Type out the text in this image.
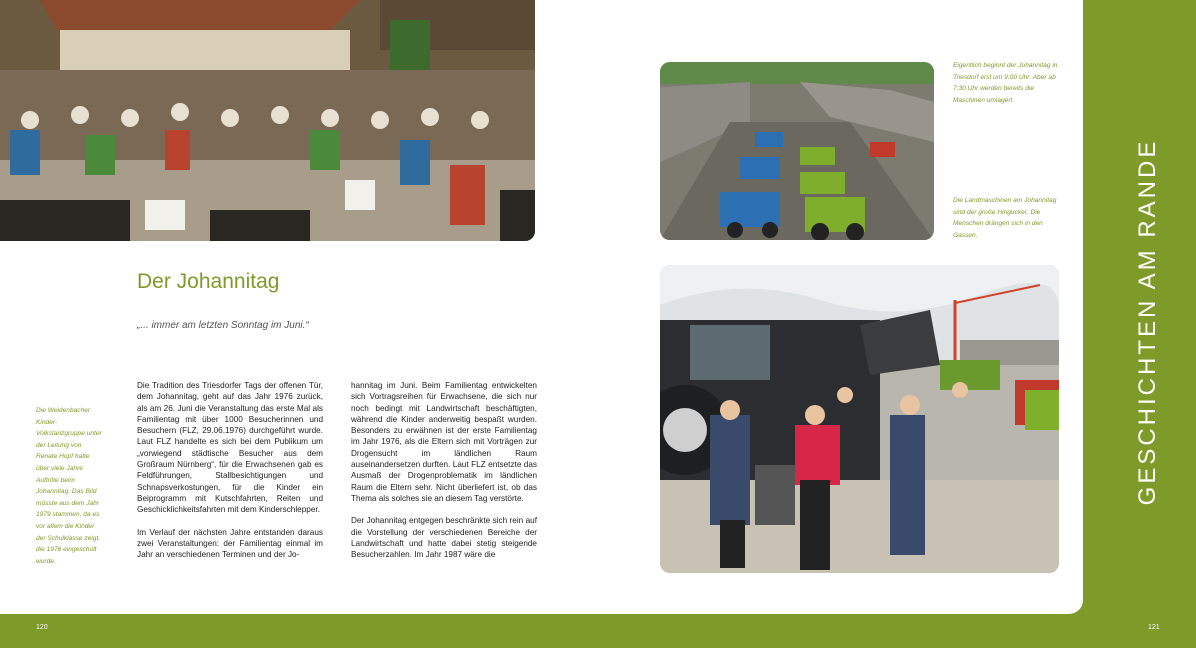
Der Johannitag
„... immer am letzten Sonntag im Juni.“

Die Tradition des Triesdorfer Tags der offenen Tür, dem Johannitag, geht auf das Jahr 1976 zurück, als am 26. Juni die Veranstaltung das erste Mal als Familientag mit über 1000 Besucherinnen und Besuchern (FLZ, 29.06.1976) durchgeführt wurde. Laut FLZ handelte es sich bei dem Publikum um „vorwiegend städtische Besucher aus dem Großraum Nürnberg“, für die Erwachsenen gab es Feldführungen, Stallbesichtigungen und Schnapsverkostungen, für die Kinder ein Beiprogramm mit Kutschfahrten, Reiten und Geschicklichkeitsfahrten mit dem Kinderschlepper.

Im Verlauf der nächsten Jahre entstanden daraus zwei Veranstaltungen: der Familientag einmal im Jahr an verschiedenen Terminen und der Jo-

hannitag im Juni. Beim Familientag entwickelten sich Vortragsreihen für Erwachsene, die sich nur noch bedingt mit Landwirtschaft beschäftigten, während die Kinder anderweitig bespaßt wurden. Besonders zu erwähnen ist der erste Familientag im Jahr 1976, als die Eltern sich mit Vorträgen zur Drogensucht im ländlichen Raum auseinandersetzen durften. Laut FLZ entsetzte das Ausmaß der Drogenproblematik im ländlichen Raum die Eltern sehr. Nicht überliefert ist, ob das Thema als solches sie an diesem Tag verstörte.

Der Johannitag entgegen beschränkte sich rein auf die Vorstellung der verschiedenen Bereiche der Landwirtschaft und hatte dabei stetig steigende Besucherzahlen. Im Jahr 1987 wäre die

Die Weidenbacher Kinder-Volkstanzgruppe unter der Leitung von Renate Hopf hatte über viele Jahre Auftritte beim Johannitag. Das Bild müsste aus dem Jahr 1979 stammen, da es vor allem die Kinder der Schulklasse zeigt, die 1976 eingeschult wurde.
Eigentlich beginnt der Johannitag in Triesdorf erst um 9:00 Uhr. Aber ab 7:30 Uhr werden bereits die Maschinen umlagert.
Die Landmaschinen am Johannitag sind der große Hingucker. Die Menschen drängen sich in den Gassen.	GESCHICHTEN AM RANDE
120	121
